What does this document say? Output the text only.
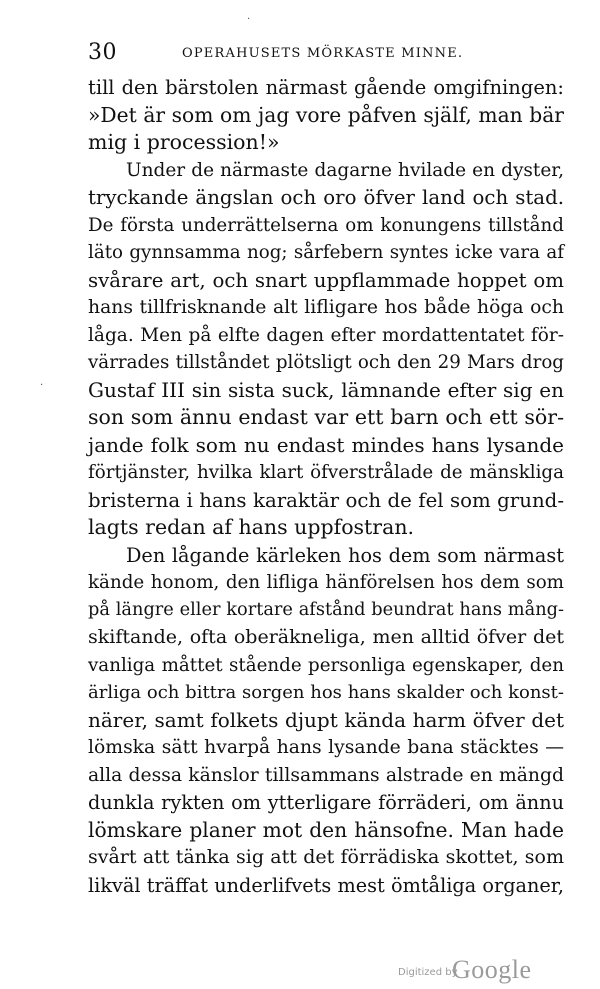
30	OPERAHUSETS MÖRKASTE MINNE.
·
·
till den bärstolen närmast gående omgifningen:
»Det är som om jag vore påfven själf, man bär
mig i procession!»
Under de närmaste dagarne hvilade en dyster,
tryckande ängslan och oro öfver land och stad.
De första underrättelserna om konungens tillstånd
läto gynnsamma nog; sårfebern syntes icke vara af
svårare art, och snart uppflammade hoppet om
hans tillfrisknande alt lifligare hos både höga och
låga. Men på elfte dagen efter mordattentatet för-
värrades tillståndet plötsligt och den 29 Mars drog
Gustaf III sin sista suck, lämnande efter sig en
son som ännu endast var ett barn och ett sör-
jande folk som nu endast mindes hans lysande
förtjänster, hvilka klart öfverstrålade de mänskliga
bristerna i hans karaktär och de fel som grund-
lagts redan af hans uppfostran.
Den lågande kärleken hos dem som närmast
kände honom, den lifliga hänförelsen hos dem som
på längre eller kortare afstånd beundrat hans mång-
skiftande, ofta oberäkneliga, men alltid öfver det
vanliga måttet stående personliga egenskaper, den
ärliga och bittra sorgen hos hans skalder och konst-
närer, samt folkets djupt kända harm öfver det
lömska sätt hvarpå hans lysande bana stäcktes —
alla dessa känslor tillsammans alstrade en mängd
dunkla rykten om ytterligare förräderi, om ännu
lömskare planer mot den hänsofne. Man hade
svårt att tänka sig att det förrädiska skottet, som
likväl träffat underlifvets mest ömtåliga organer,
Digitized by
Google
